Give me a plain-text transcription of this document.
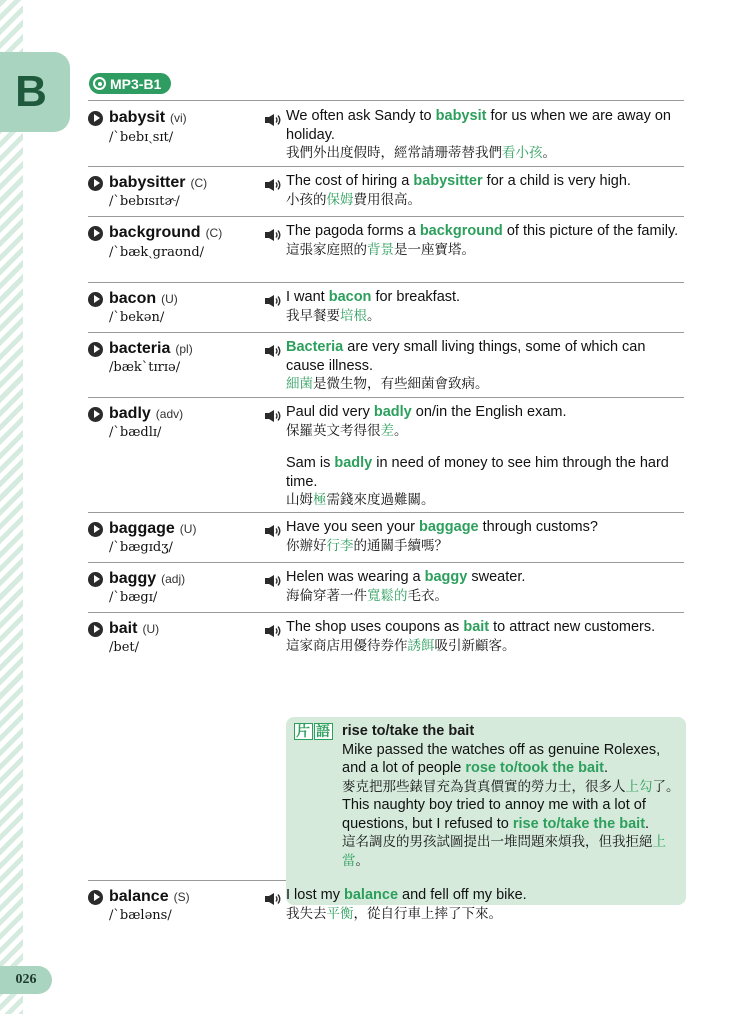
B
026
MP3-B1
babysit (vi)
/ˋbebɪˏsɪt/
We often ask Sandy to babysit for us when we are away on holiday.
我們外出度假時，經常請珊蒂替我們看小孩。
babysitter (C)
/ˋbebɪsɪtɚ/
The cost of hiring a babysitter for a child is very high.
小孩的保姆費用很高。
background (C)
/ˋbækˏgraʊnd/
The pagoda forms a background of this picture of the family.
這張家庭照的背景是一座寶塔。
bacon (U)
/ˋbekən/
I want bacon for breakfast.
我早餐要培根。
bacteria (pl)
/bækˋtɪrɪə/
Bacteria are very small living things, some of which can cause illness.
細菌是微生物，有些細菌會致病。
badly (adv)
/ˋbædlɪ/
Paul did very badly on/in the English exam.
保羅英文考得很差。
Sam is badly in need of money to see him through the hard time.
山姆極需錢來度過難關。
baggage (U)
/ˋbægɪdʒ/
Have you seen your baggage through customs?
你辦好行李的通關手續嗎？
baggy (adj)
/ˋbægɪ/
Helen was wearing a baggy sweater.
海倫穿著一件寬鬆的毛衣。
bait (U)
/bet/
The shop uses coupons as bait to attract new customers.
這家商店用優待券作誘餌吸引新顧客。
片 語 rise to/take the bait
Mike passed the watches off as genuine Rolexes, and a lot of people rose to/took the bait.
麥克把那些錶冒充為貨真價實的勞力士，很多人上勾了。
This naughty boy tried to annoy me with a lot of questions, but I refused to rise to/take the bait.
這名調皮的男孩試圖提出一堆問題來煩我，但我拒絕上當。
balance (S)
/ˋbæləns/
I lost my balance and fell off my bike.
我失去平衡，從自行車上摔了下來。
